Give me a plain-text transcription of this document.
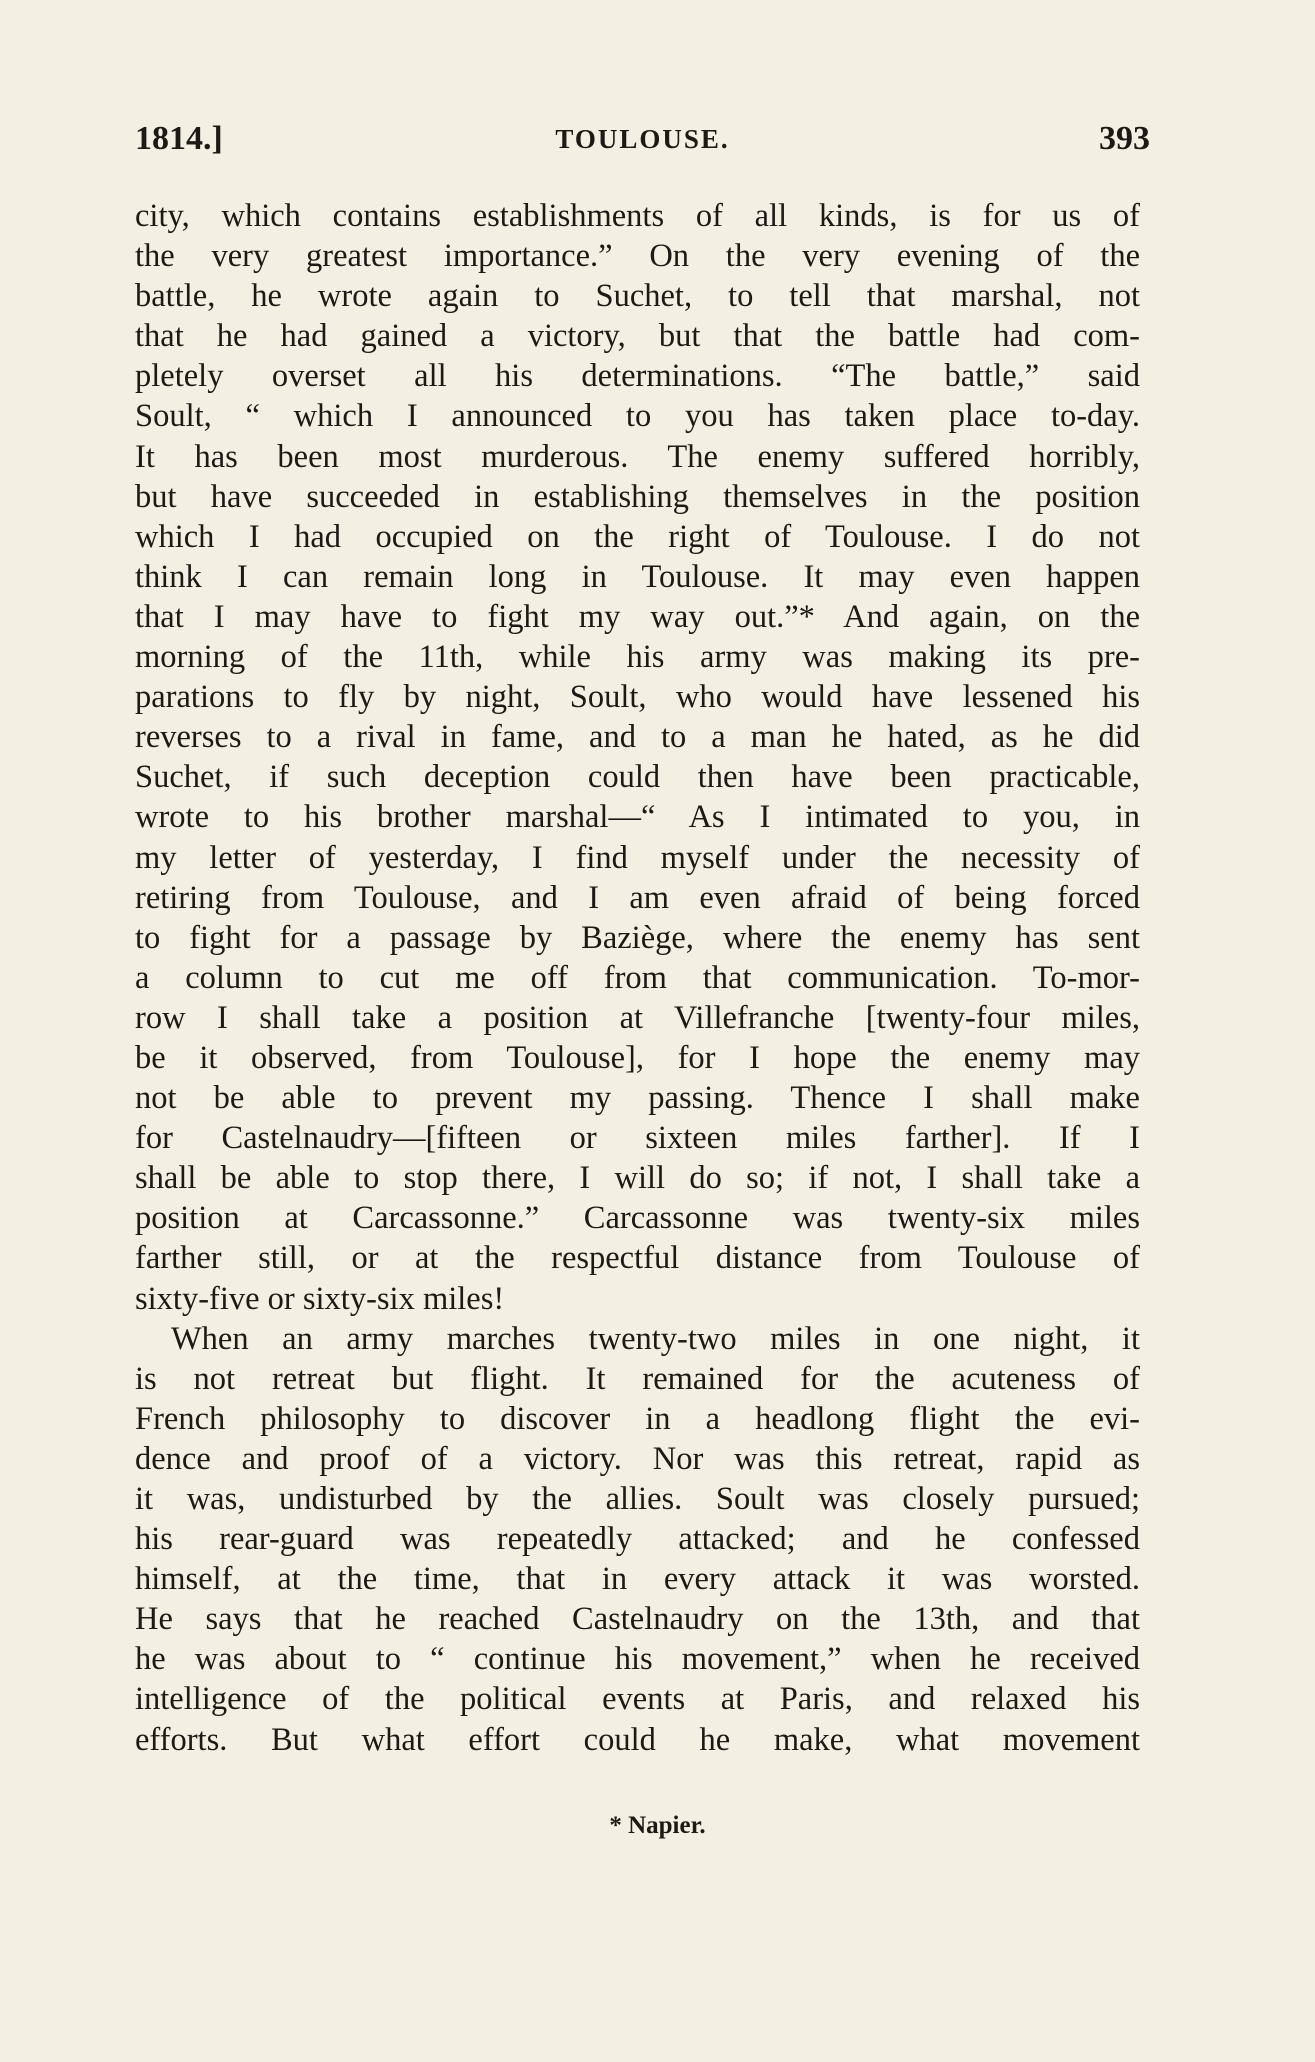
1814.]	TOULOUSE.	393
city, which contains establishments of all kinds, is for us of
the very greatest importance.” On the very evening of the
battle, he wrote again to Suchet, to tell that marshal, not
that he had gained a victory, but that the battle had com-
pletely overset all his determinations. “The battle,” said
Soult, “ which I announced to you has taken place to-day.
It has been most murderous. The enemy suffered horribly,
but have succeeded in establishing themselves in the position
which I had occupied on the right of Toulouse. I do not
think I can remain long in Toulouse. It may even happen
that I may have to fight my way out.”* And again, on the
morning of the 11th, while his army was making its pre-
parations to fly by night, Soult, who would have lessened his
reverses to a rival in fame, and to a man he hated, as he did
Suchet, if such deception could then have been practicable,
wrote to his brother marshal—“ As I intimated to you, in
my letter of yesterday, I find myself under the necessity of
retiring from Toulouse, and I am even afraid of being forced
to fight for a passage by Baziège, where the enemy has sent
a column to cut me off from that communication. To-mor-
row I shall take a position at Villefranche [twenty-four miles,
be it observed, from Toulouse], for I hope the enemy may
not be able to prevent my passing. Thence I shall make
for Castelnaudry—[fifteen or sixteen miles farther]. If I
shall be able to stop there, I will do so; if not, I shall take a
position at Carcassonne.” Carcassonne was twenty-six miles
farther still, or at the respectful distance from Toulouse of
sixty-five or sixty-six miles!
When an army marches twenty-two miles in one night, it
is not retreat but flight. It remained for the acuteness of
French philosophy to discover in a headlong flight the evi-
dence and proof of a victory. Nor was this retreat, rapid as
it was, undisturbed by the allies. Soult was closely pursued;
his rear-guard was repeatedly attacked; and he confessed
himself, at the time, that in every attack it was worsted.
He says that he reached Castelnaudry on the 13th, and that
he was about to “ continue his movement,” when he received
intelligence of the political events at Paris, and relaxed his
efforts. But what effort could he make, what movement
* Napier.
